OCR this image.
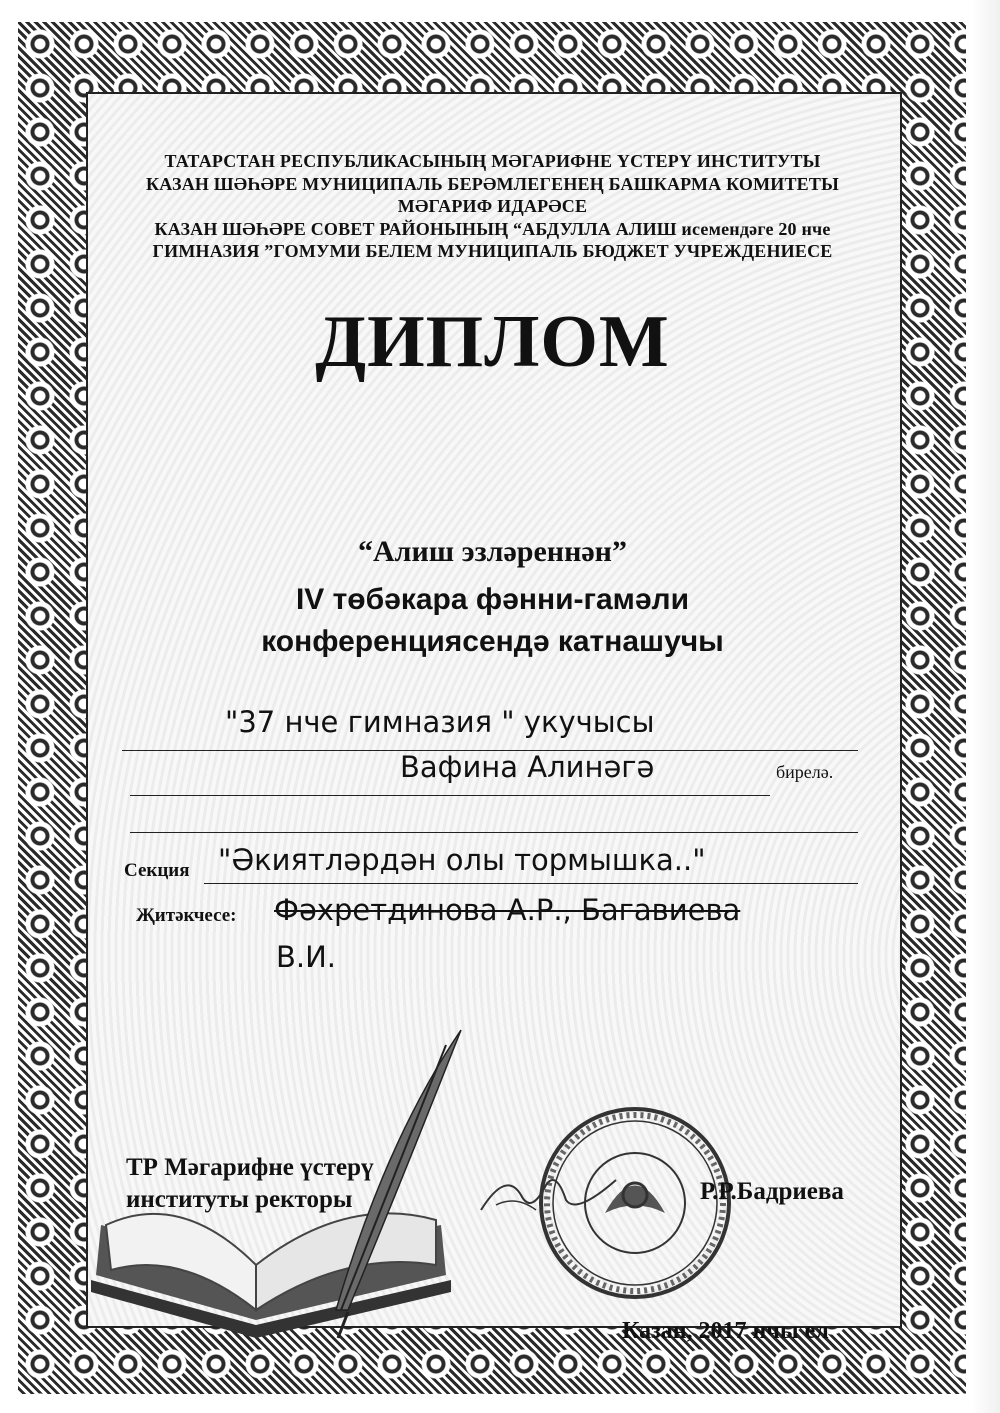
ТАТАРСТАН РЕСПУБЛИКАСЫНЫҢ МӘГАРИФНЕ ҮСТЕРҮ ИНСТИТУТЫ
КАЗАН ШӘҺӘРЕ МУНИЦИПАЛЬ БЕРӘМЛЕГЕНЕҢ БАШКАРМА КОМИТЕТЫ
МӘГАРИФ ИДАРӘСЕ
КАЗАН ШӘҺӘРЕ СОВЕТ РАЙОНЫНЫҢ “АБДУЛЛА АЛИШ исемендәге 20 нче
ГИМНАЗИЯ ”ГОМУМИ БЕЛЕМ МУНИЦИПАЛЬ БЮДЖЕТ УЧРЕЖДЕНИЕСЕ
ДИПЛОМ
“Алиш эзләреннән”
IV төбәкара фәнни-гамәли
конференциясендә катнашучы
"37 нче гимназия " укучысы
Вафина Алинәгә	бирелә.
Секция "Әкиятләрдән олы тормышка.."
Җитәкчесе: Фәхретдинова А.Р., Багавиева
В.И.
ТР Мәгарифне үстерү институты ректоры	Р.Р.Бадриева
Казан, 2017 нчы ел
